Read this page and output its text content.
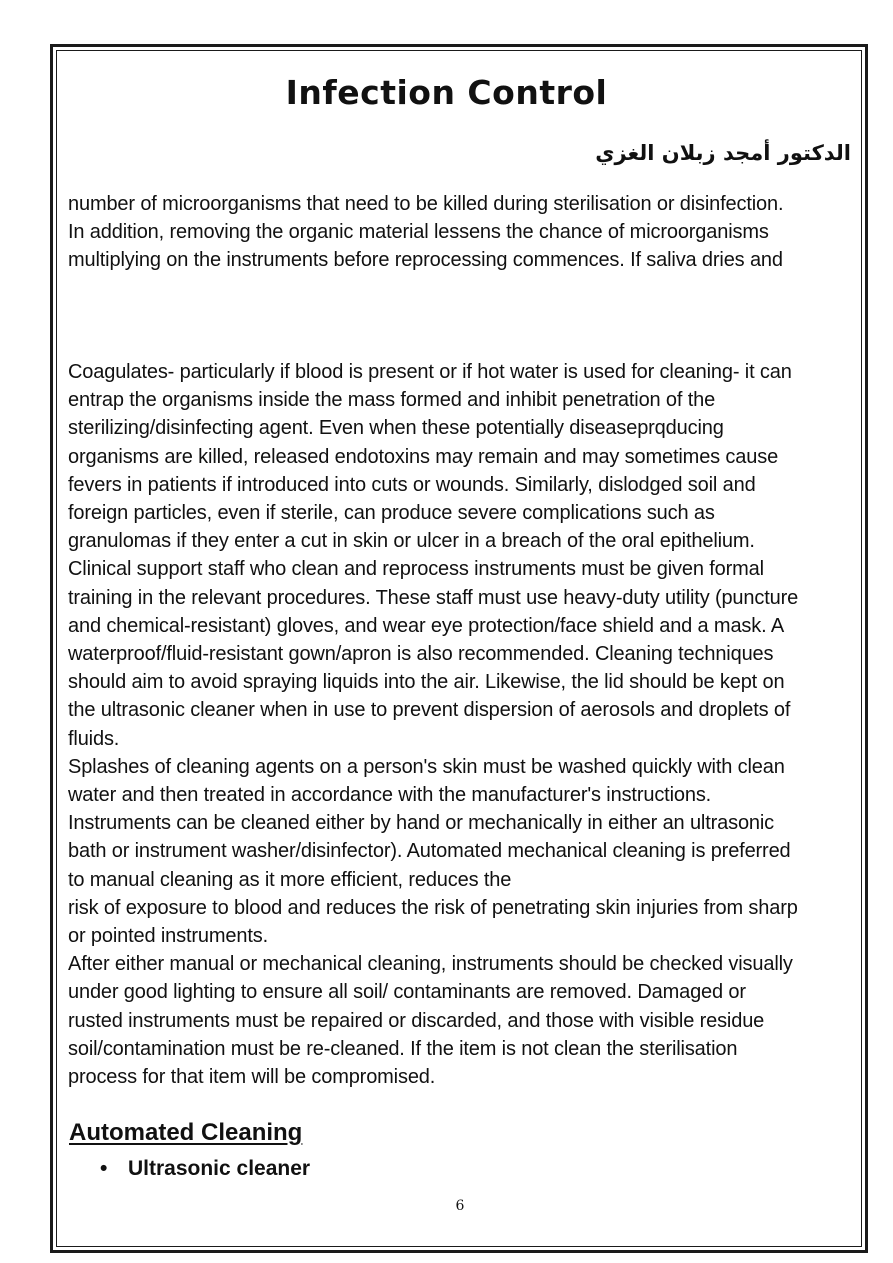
Infection Control

الدكتور أمجد زبلان الغزي

number of microorganisms that need to be killed during sterilisation or disinfection.
In addition, removing the organic material lessens the chance of microorganisms
multiplying on the instruments before reprocessing commences. If saliva dries and

Coagulates- particularly if blood is present or if hot water is used for cleaning- it can
entrap the organisms inside the mass formed and inhibit penetration of the
sterilizing/disinfecting agent. Even when these potentially diseaseprqducing
organisms are killed, released endotoxins may remain and may sometimes cause
fevers in patients if introduced into cuts or wounds. Similarly, dislodged soil and
foreign particles, even if sterile, can produce severe complications such as
granulomas if they enter a cut in skin or ulcer in a breach of the oral epithelium.
Clinical support staff who clean and reprocess instruments must be given formal
training in the relevant procedures. These staff must use heavy-duty utility (puncture
and chemical-resistant) gloves, and wear eye protection/face shield and a mask. A
waterproof/fluid-resistant gown/apron is also recommended. Cleaning techniques
should aim to avoid spraying liquids into the air. Likewise, the lid should be kept on
the ultrasonic cleaner when in use to prevent dispersion of aerosols and droplets of
fluids.
Splashes of cleaning agents on a person's skin must be washed quickly with clean
water and then treated in accordance with the manufacturer's instructions.
Instruments can be cleaned either by hand or mechanically in either an ultrasonic
bath or instrument washer/disinfector). Automated mechanical cleaning is preferred
to manual cleaning as it more efficient, reduces the
risk of exposure to blood and reduces the risk of penetrating skin injuries from sharp
or pointed instruments.
After either manual or mechanical cleaning, instruments should be checked visually
under good lighting to ensure all soil/ contaminants are removed. Damaged or
rusted instruments must be repaired or discarded, and those with visible residue
soil/contamination must be re-cleaned. If the item is not clean the sterilisation
process for that item will be compromised.

Automated Cleaning
• Ultrasonic cleaner
6
